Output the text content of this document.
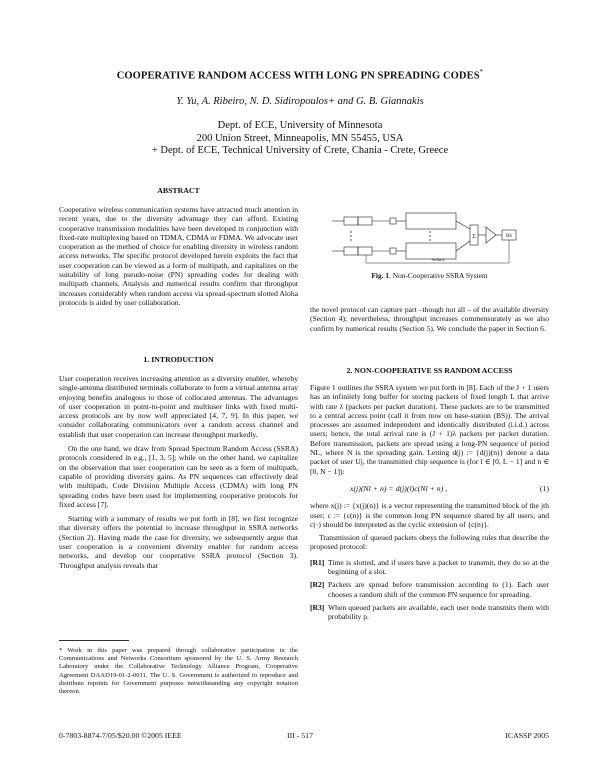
COOPERATIVE RANDOM ACCESS WITH LONG PN SPREADING CODES*
Y. Yu, A. Ribeiro, N. D. Sidiropoulos+ and G. B. Giannakis
Dept. of ECE, University of Minnesota
200 Union Street, Minneapolis, MN 55455, USA
+ Dept. of ECE, Technical University of Crete, Chania - Crete, Greece
ABSTRACT
Cooperative wireless communication systems have attracted much attention in recent years, due to the diversity advantage they can afford. Existing cooperative transmission modalities have been developed in conjunction with fixed-rate multiplexing based on TDMA, CDMA or FDMA. We advocate user cooperation as the method of choice for enabling diversity in wireless random access networks. The specific protocol developed herein exploits the fact that user cooperation can be viewed as a form of multipath, and capitalizes on the suitability of long pseudo-noise (PN) spreading codes for dealing with multipath channels. Analysis and numerical results confirm that throughput increases considerably when random access via spread-spectrum slotted Aloha protocols is aided by user collaboration.
1. INTRODUCTION

User cooperation receives increasing attention as a diversity enabler, whereby single-antenna distributed terminals collaborate to form a virtual antenna array enjoying benefits analogous to those of collocated antennas. The advantages of user cooperation in point-to-point and multiuser links with fixed multi-access protocols are by now well appreciated [4, 7, 9]. In this paper, we consider collaborating communicators over a random access channel and establish that user cooperation can increase throughput markedly.

On the one hand, we draw from Spread Spectrum Random Access (SSRA) protocols considered in e.g., [1, 3, 5]; while on the other hand, we capitalize on the observation that user cooperation can be seen as a form of multipath, capable of providing diversity gains. As PN sequences can effectively deal with multipath, Code Division Multiple Access (CDMA) with long PN spreading codes have been used for implementing cooperative protocols for fixed access [7].

Starting with a summary of results we put forth in [8], we first recognize that diversity offers the potential to increase throughput in SSRA networks (Section 2). Having made the case for diversity, we subsequently argue that user cooperation is a convenient diversity enabler for random access networks, and develop our cooperative SSRA protocol (Section 3). Throughput analysis reveals that

* Work in this paper was prepared through collaborative participation in the Communications and Networks Consortium sponsored by the U. S. Army Research Laboratory under the Collaborative Technology Alliance Program, Cooperative Agreement DAAD19-01-2-0011. The U. S. Government is authorized to reproduce and distribute reprints for Government purposes notwithstanding any copyright notation thereon.
Σ	BS
feedback
Fig. 1. Non-Cooperative SSRA System
the novel protocol can capture part –though not all – of the available diversity (Section 4); nevertheless, throughput increases commensurately as we also confirm by numerical results (Section 5). We conclude the paper in Section 6.
2. NON-COOPERATIVE SS RANDOM ACCESS

Figure 1 outlines the SSRA system we put forth in [8]. Each of the J + 1 users has an infinitely long buffer for storing packets of fixed length L that arrive with rate λ (packets per packet duration). These packets are to be transmitted to a central access point (call it from now on base-station (BS)). The arrival processes are assumed independent and identically distributed (i.i.d.) across users; hence, the total arrival rate is (J + 1)λ packets per packet duration. Before transmission, packets are spread using a long-PN sequence of period NL, where N is the spreading gain. Letting d(j) := {d(j)(n)} denote a data packet of user Uj, the transmitted chip sequence is (for l ∈ [0, L − 1] and n ∈ [0, N − 1]):

x(j)(Nl + n) = d(j)(l)c(Nl + n) ,	(1)

where x(j) := {x(j)(n)} is a vector representing the transmitted block of the jth user; c := {c(n)} is the common long PN sequence shared by all users; and c(·) should be interpreted as the cyclic extension of {c(n)}.

Transmission of queued packets obeys the following rules that describe the proposed protocol:

[R1] Time is slotted, and if users have a packet to transmit, they do so at the beginning of a slot.
[R2] Packets are spread before transmission according to (1). Each user chooses a random shift of the common PN sequence for spreading.
[R3] When queued packets are available, each user node transmits them with probability p.
0-7803-8874-7/05/$20.00 ©2005 IEEE	III - 517	ICASSP 2005
